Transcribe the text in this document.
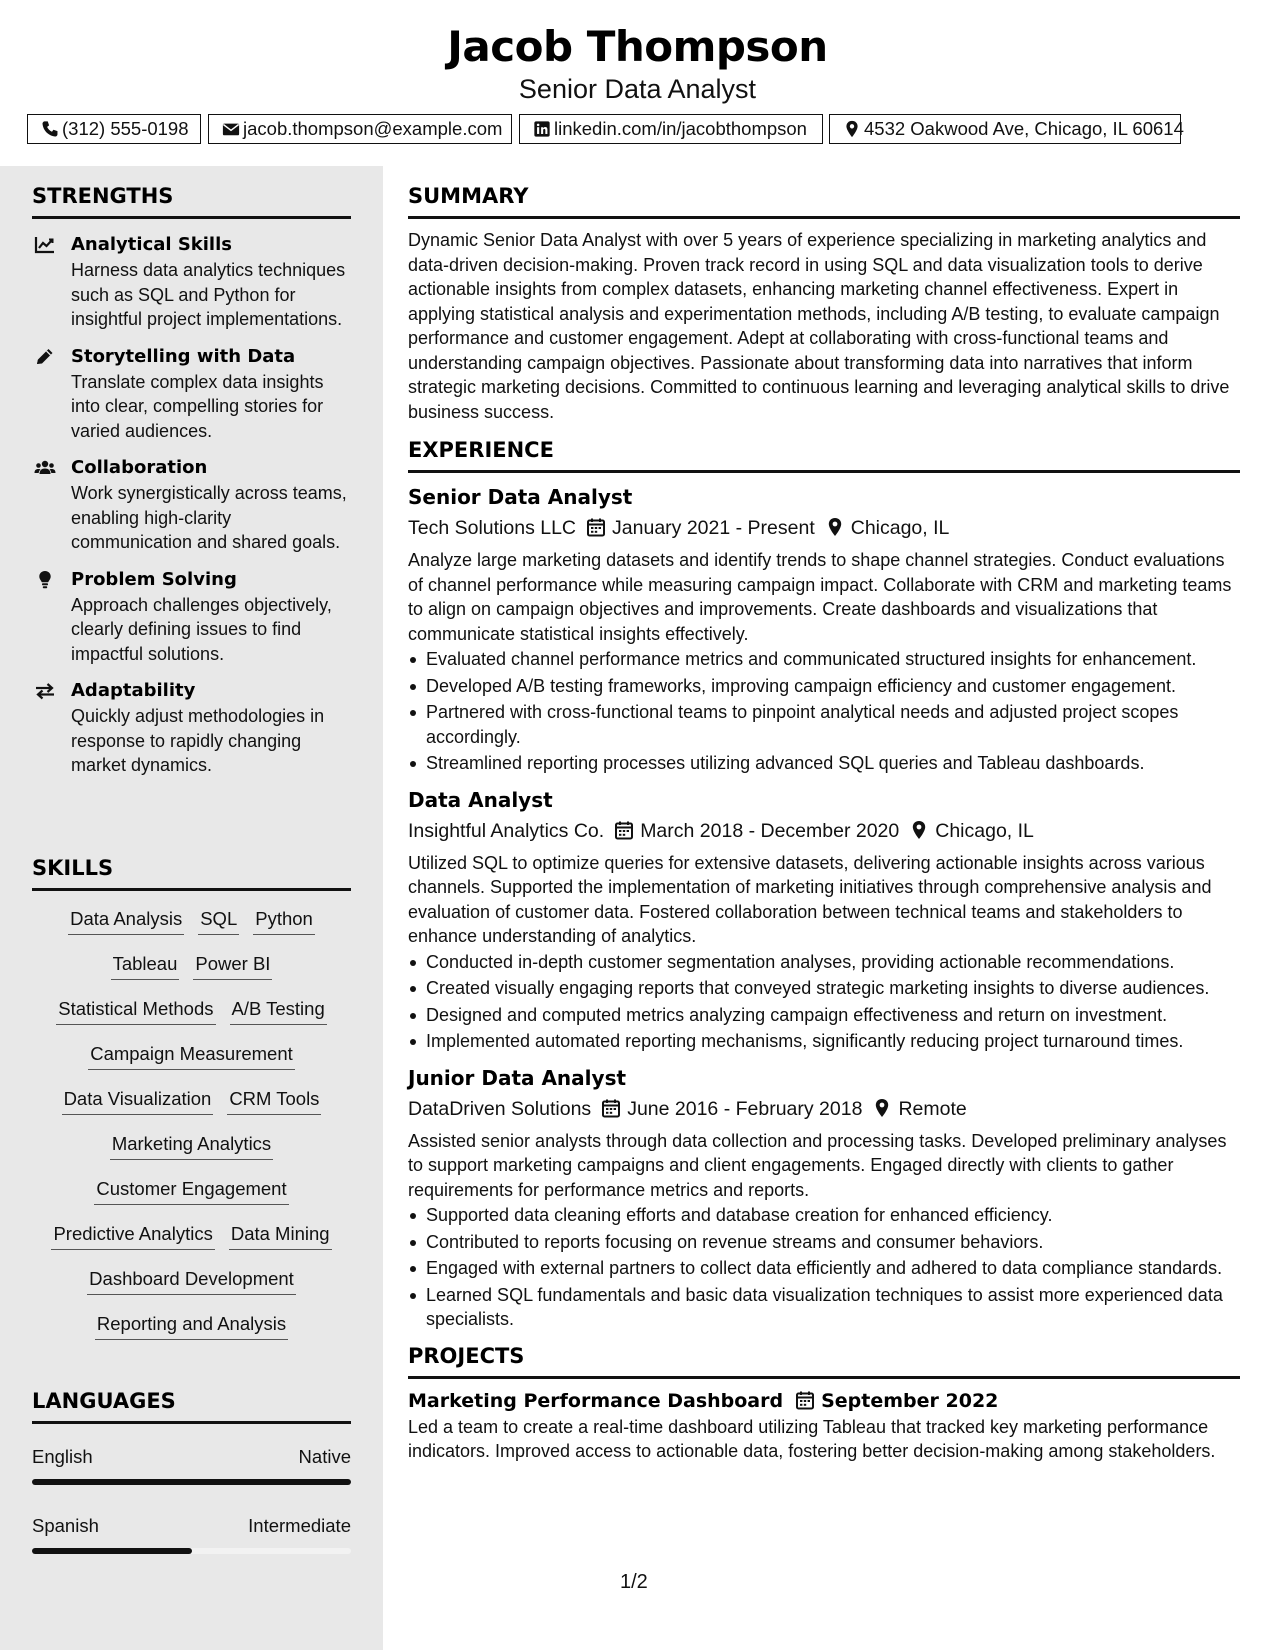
Jacob Thompson
Senior Data Analyst
(312) 555-0198	jacob.thompson@example.com	linkedin.com/in/jacobthompson	4532 Oakwood Ave, Chicago, IL 60614
STRENGTHS
Analytical Skills
Harness data analytics techniques such as SQL and Python for insightful project implementations.
Storytelling with Data
Translate complex data insights into clear, compelling stories for varied audiences.
Collaboration
Work synergistically across teams, enabling high-clarity communication and shared goals.
Problem Solving
Approach challenges objectively, clearly defining issues to find impactful solutions.
Adaptability
Quickly adjust methodologies in response to rapidly changing market dynamics.
SKILLS
Data Analysis SQL Python
Tableau Power BI
Statistical Methods A/B Testing
Campaign Measurement
Data Visualization CRM Tools
Marketing Analytics
Customer Engagement
Predictive Analytics Data Mining
Dashboard Development
Reporting and Analysis
LANGUAGES
English	Native
Spanish	Intermediate
SUMMARY
Dynamic Senior Data Analyst with over 5 years of experience specializing in marketing analytics and data-driven decision-making. Proven track record in using SQL and data visualization tools to derive actionable insights from complex datasets, enhancing marketing channel effectiveness. Expert in applying statistical analysis and experimentation methods, including A/B testing, to evaluate campaign performance and customer engagement. Adept at collaborating with cross-functional teams and understanding campaign objectives. Passionate about transforming data into narratives that inform strategic marketing decisions. Committed to continuous learning and leveraging analytical skills to drive business success.
EXPERIENCE
Senior Data Analyst
Tech Solutions LLC January 2021 - Present Chicago, IL
Analyze large marketing datasets and identify trends to shape channel strategies. Conduct evaluations of channel performance while measuring campaign impact. Collaborate with CRM and marketing teams to align on campaign objectives and improvements. Create dashboards and visualizations that communicate statistical insights effectively.
Evaluated channel performance metrics and communicated structured insights for enhancement.
Developed A/B testing frameworks, improving campaign efficiency and customer engagement.
Partnered with cross-functional teams to pinpoint analytical needs and adjusted project scopes accordingly.
Streamlined reporting processes utilizing advanced SQL queries and Tableau dashboards.
Data Analyst
Insightful Analytics Co. March 2018 - December 2020 Chicago, IL
Utilized SQL to optimize queries for extensive datasets, delivering actionable insights across various channels. Supported the implementation of marketing initiatives through comprehensive analysis and evaluation of customer data. Fostered collaboration between technical teams and stakeholders to enhance understanding of analytics.
Conducted in-depth customer segmentation analyses, providing actionable recommendations.
Created visually engaging reports that conveyed strategic marketing insights to diverse audiences.
Designed and computed metrics analyzing campaign effectiveness and return on investment.
Implemented automated reporting mechanisms, significantly reducing project turnaround times.
Junior Data Analyst
DataDriven Solutions June 2016 - February 2018 Remote
Assisted senior analysts through data collection and processing tasks. Developed preliminary analyses to support marketing campaigns and client engagements. Engaged directly with clients to gather requirements for performance metrics and reports.
Supported data cleaning efforts and database creation for enhanced efficiency.
Contributed to reports focusing on revenue streams and consumer behaviors.
Engaged with external partners to collect data efficiently and adhered to data compliance standards.
Learned SQL fundamentals and basic data visualization techniques to assist more experienced data specialists.
PROJECTS
Marketing Performance Dashboard September 2022
Led a team to create a real-time dashboard utilizing Tableau that tracked key marketing performance indicators. Improved access to actionable data, fostering better decision-making among stakeholders.
1/2
